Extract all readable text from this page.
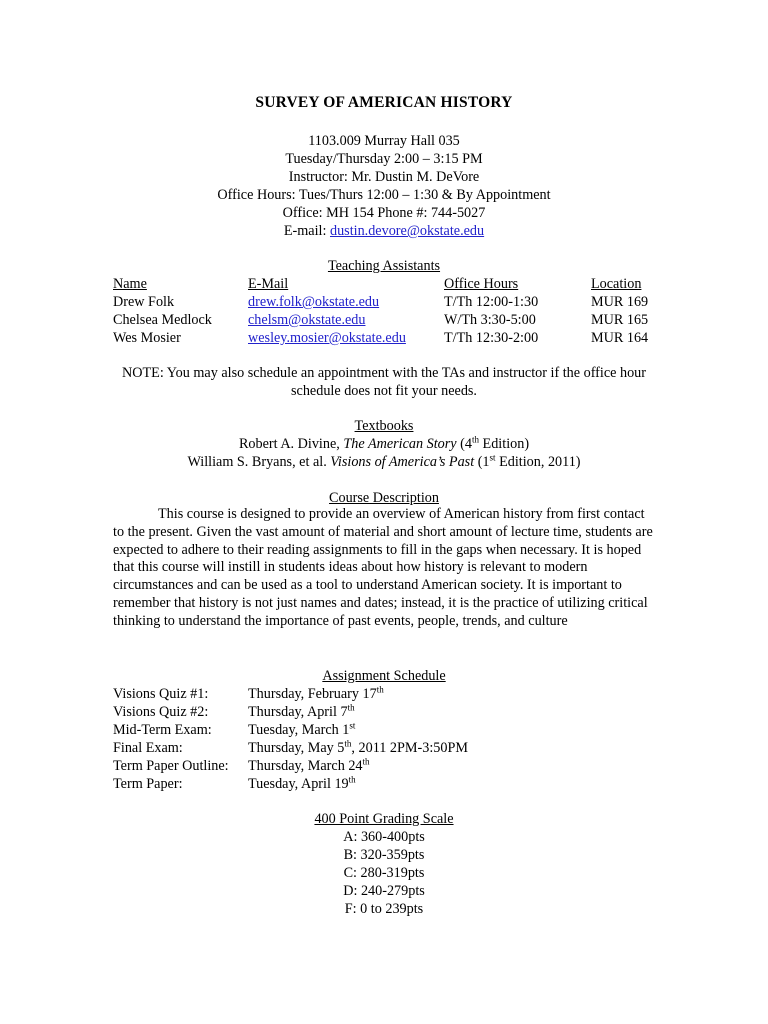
SURVEY OF AMERICAN HISTORY
1103.009 Murray Hall 035
Tuesday/Thursday 2:00 – 3:15 PM
Instructor: Mr. Dustin M. DeVore
Office Hours: Tues/Thurs 12:00 – 1:30 & By Appointment
Office: MH 154 Phone #: 744-5027
E-mail: dustin.devore@okstate.edu
Teaching Assistants
Name	E-Mail	Office Hours	Location
Drew Folk	drew.folk@okstate.edu	T/Th 12:00-1:30	MUR 169
Chelsea Medlock	chelsm@okstate.edu	W/Th 3:30-5:00	MUR 165
Wes Mosier	wesley.mosier@okstate.edu	T/Th 12:30-2:00	MUR 164
NOTE: You may also schedule an appointment with the TAs and instructor if the office hour schedule does not fit your needs.
Textbooks
Robert A. Divine, The American Story (4th Edition)
William S. Bryans, et al. Visions of America’s Past (1st Edition, 2011)
Course Description
This course is designed to provide an overview of American history from first contact to the present. Given the vast amount of material and short amount of lecture time, students are expected to adhere to their reading assignments to fill in the gaps when necessary. It is hoped that this course will instill in students ideas about how history is relevant to modern circumstances and can be used as a tool to understand American society. It is important to remember that history is not just names and dates; instead, it is the practice of utilizing critical thinking to understand the importance of past events, people, trends, and culture
Assignment Schedule
Visions Quiz #1:	Thursday, February 17th
Visions Quiz #2:	Thursday, April 7th
Mid-Term Exam:	Tuesday, March 1st
Final Exam:	Thursday, May 5th, 2011 2PM-3:50PM
Term Paper Outline:	Thursday, March 24th
Term Paper:	Tuesday, April 19th
400 Point Grading Scale
A: 360-400pts
B: 320-359pts
C: 280-319pts
D: 240-279pts
F: 0 to 239pts
